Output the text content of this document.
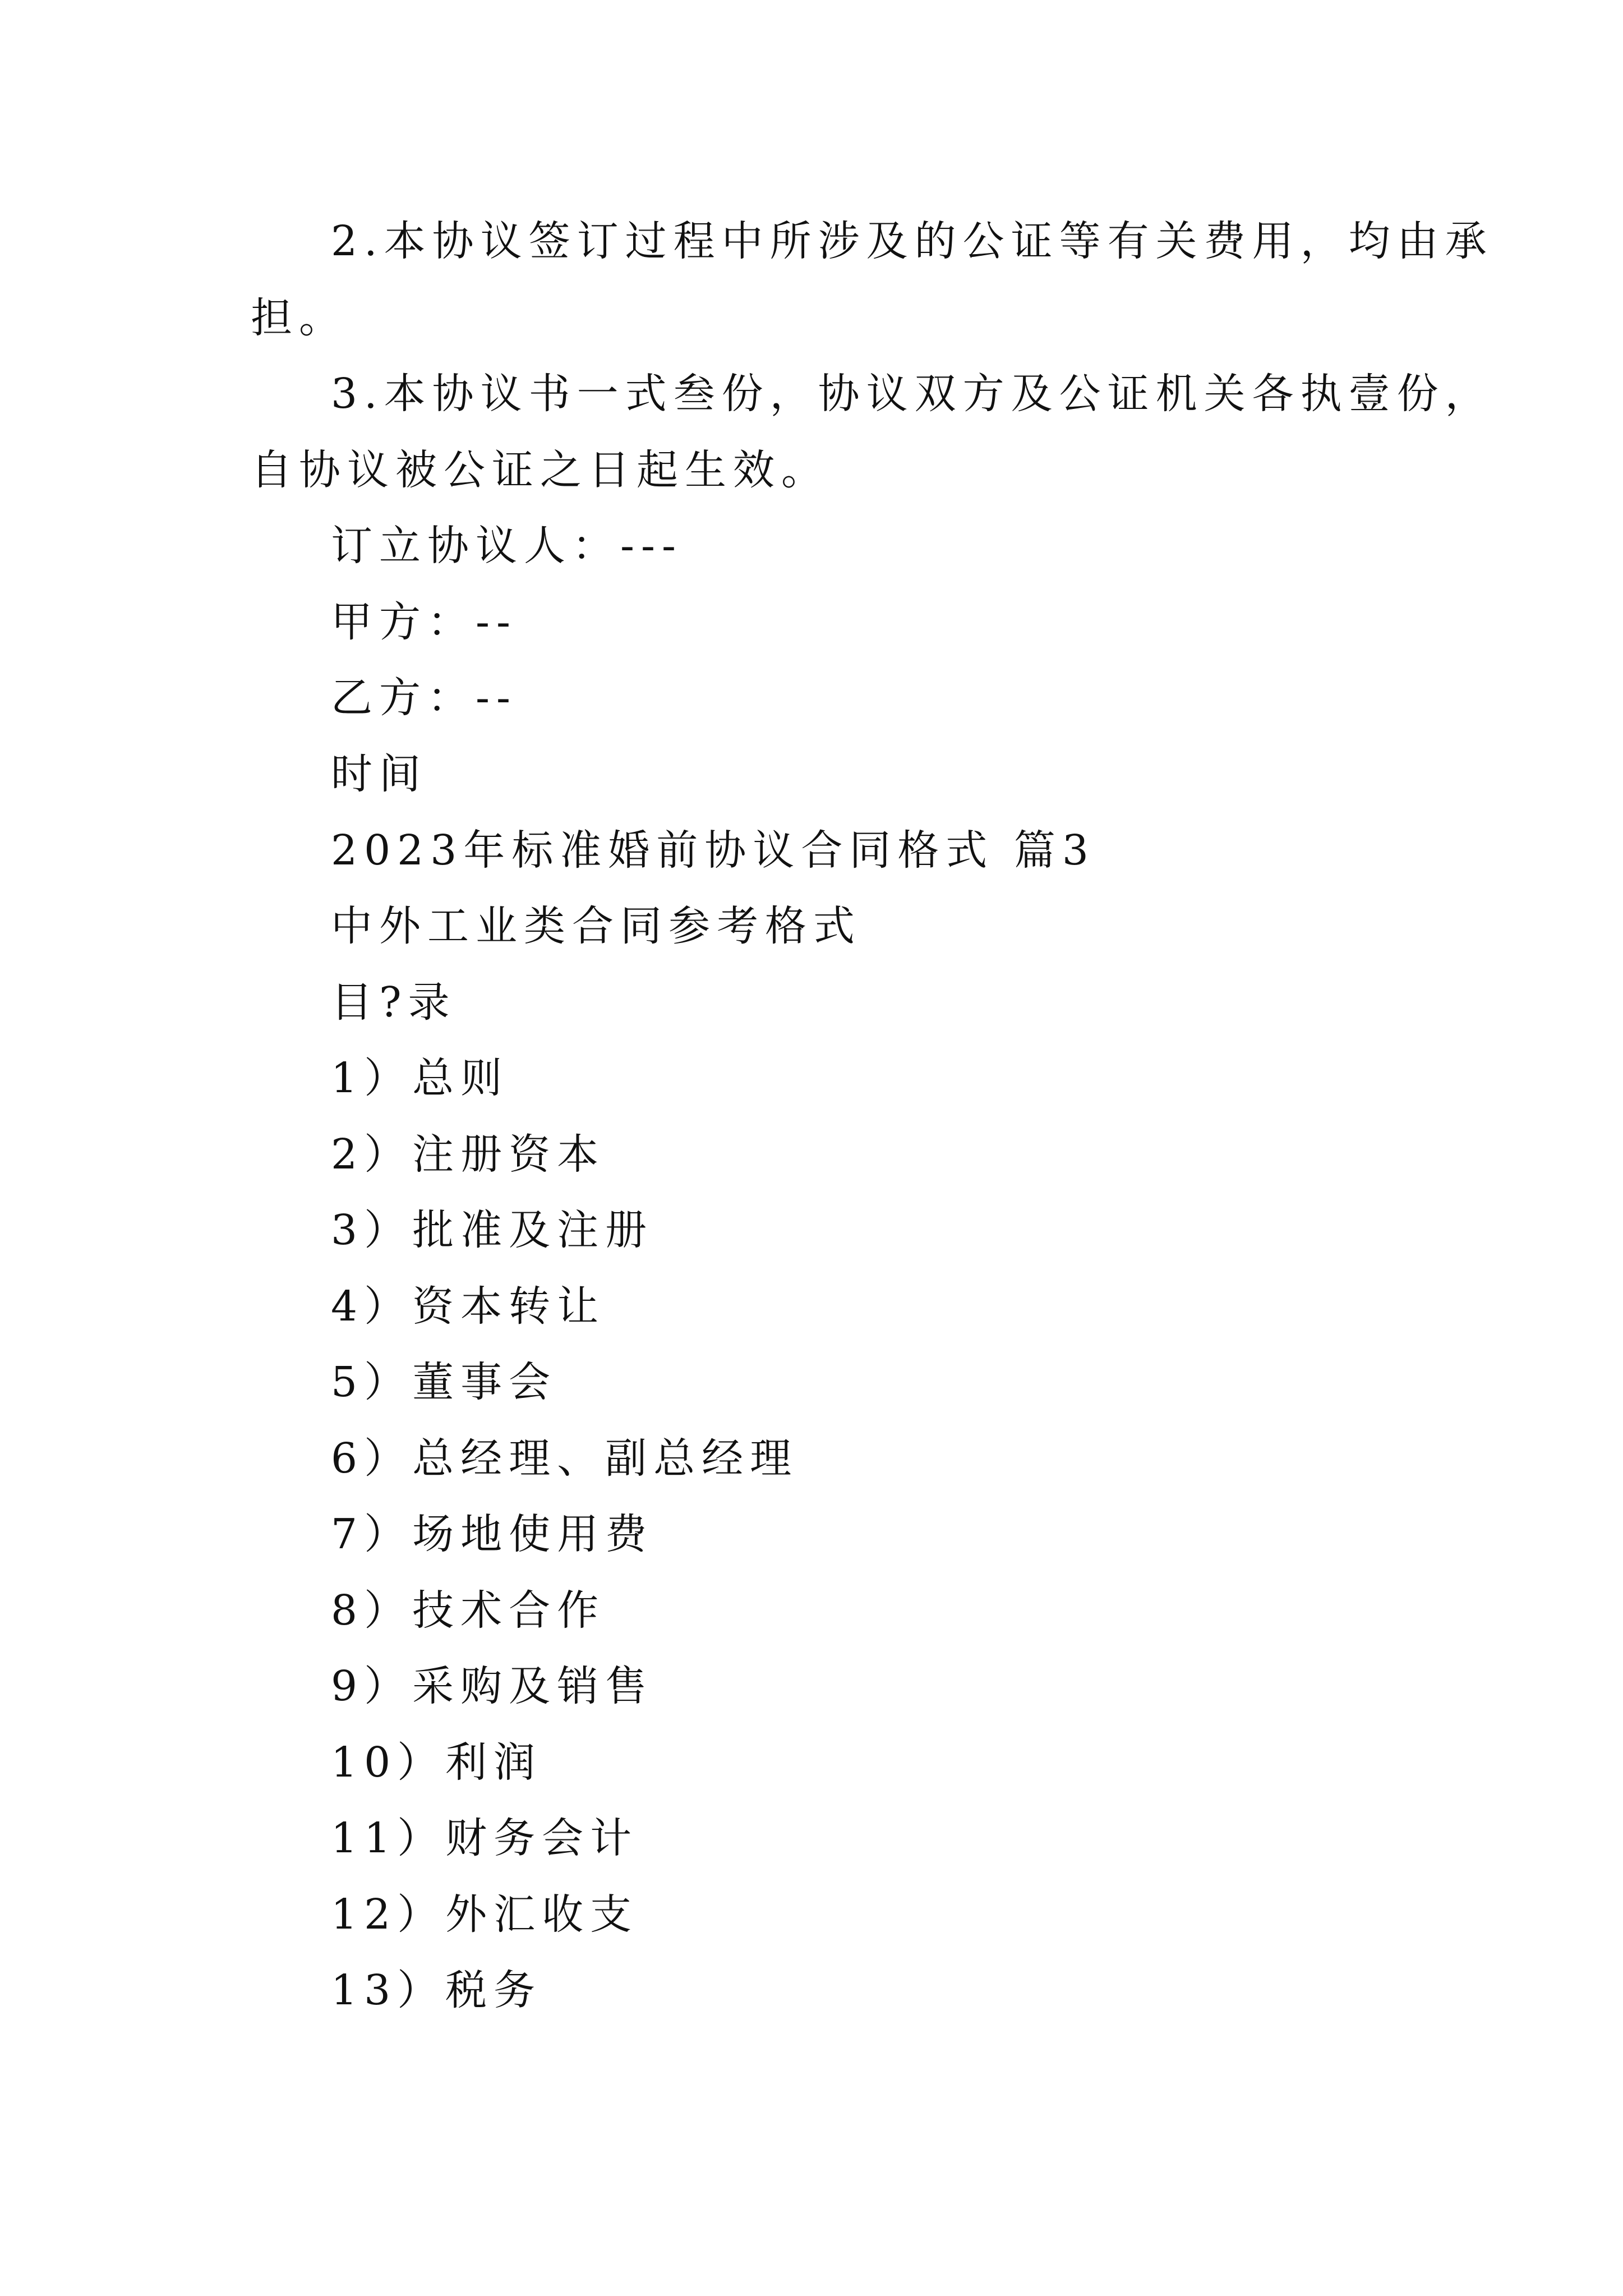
2.本协议签订过程中所涉及的公证等有关费用，均由承
担。
3.本协议书一式叁份，协议双方及公证机关各执壹份，
自协议被公证之日起生效。
订立协议人：---
甲方：--
乙方：--
时间
2023年标准婚前协议合同格式 篇3
中外工业类合同参考格式
目?录
1）总则
2）注册资本
3）批准及注册
4）资本转让
5）董事会
6）总经理、副总经理
7）场地使用费
8）技术合作
9）采购及销售
10）利润
11）财务会计
12）外汇收支
13）税务
